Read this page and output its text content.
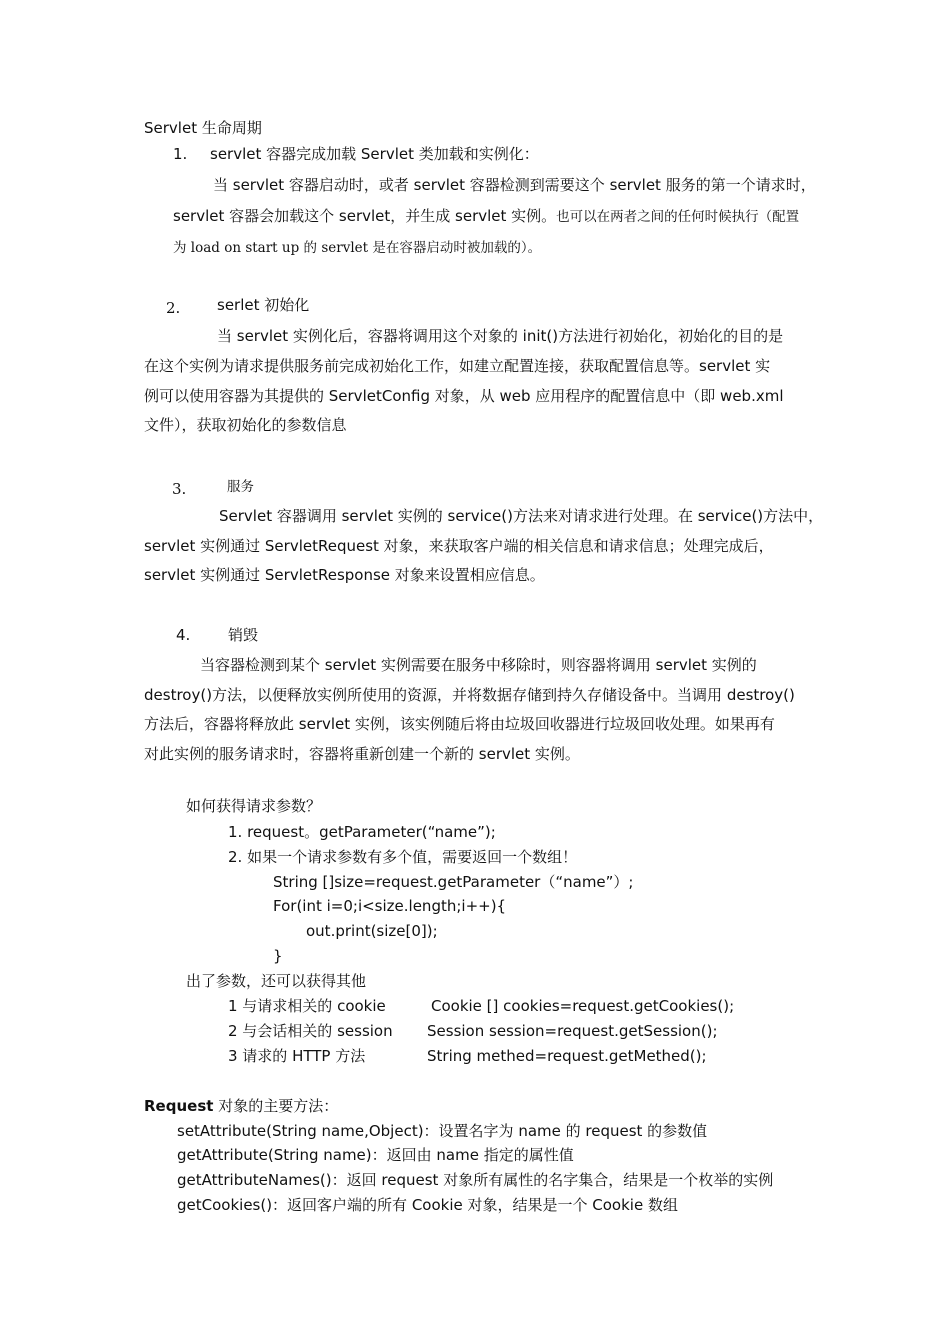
Servlet 生命周期
1. servlet 容器完成加载 Servlet 类加载和实例化：
当 servlet 容器启动时，或者 servlet 容器检测到需要这个 servlet 服务的第一个请求时，
servlet 容器会加载这个 servlet，并生成 servlet 实例。也可以在两者之间的任何时候执行（配置
为 load on start up 的 servlet 是在容器启动时被加载的）。
2. serlet 初始化
当 servlet 实例化后，容器将调用这个对象的 init()方法进行初始化，初始化的目的是
在这个实例为请求提供服务前完成初始化工作，如建立配置连接，获取配置信息等。servlet 实
例可以使用容器为其提供的 ServletConfig 对象，从 web 应用程序的配置信息中（即 web.xml
文件），获取初始化的参数信息
3.	服务
Servlet 容器调用 servlet 实例的 service()方法来对请求进行处理。在 service()方法中，
servlet 实例通过 ServletRequest 对象，来获取客户端的相关信息和请求信息；处理完成后，
servlet 实例通过 ServletResponse 对象来设置相应信息。
4.	销毁
当容器检测到某个 servlet 实例需要在服务中移除时，则容器将调用 servlet 实例的
destroy()方法，以便释放实例所使用的资源，并将数据存储到持久存储设备中。当调用 destroy()
方法后，容器将释放此 servlet 实例，该实例随后将由垃圾回收器进行垃圾回收处理。如果再有
对此实例的服务请求时，容器将重新创建一个新的 servlet 实例。
如何获得请求参数？
1. request。getParameter(“name”);
2. 如果一个请求参数有多个值，需要返回一个数组！
String []size=request.getParameter（“name”）;
For(int i=0;i<size.length;i++){
out.print(size[0]);
}
出了参数，还可以获得其他
1 与请求相关的 cookie	Cookie [] cookies=request.getCookies();
2 与会话相关的 session Session session=request.getSession();
3 请求的 HTTP 方法	String methed=request.getMethed();
Request 对象的主要方法：
setAttribute(String name,Object)：设置名字为 name 的 request 的参数值
getAttribute(String name)：返回由 name 指定的属性值
getAttributeNames()：返回 request 对象所有属性的名字集合，结果是一个枚举的实例
getCookies()：返回客户端的所有 Cookie 对象，结果是一个 Cookie 数组
